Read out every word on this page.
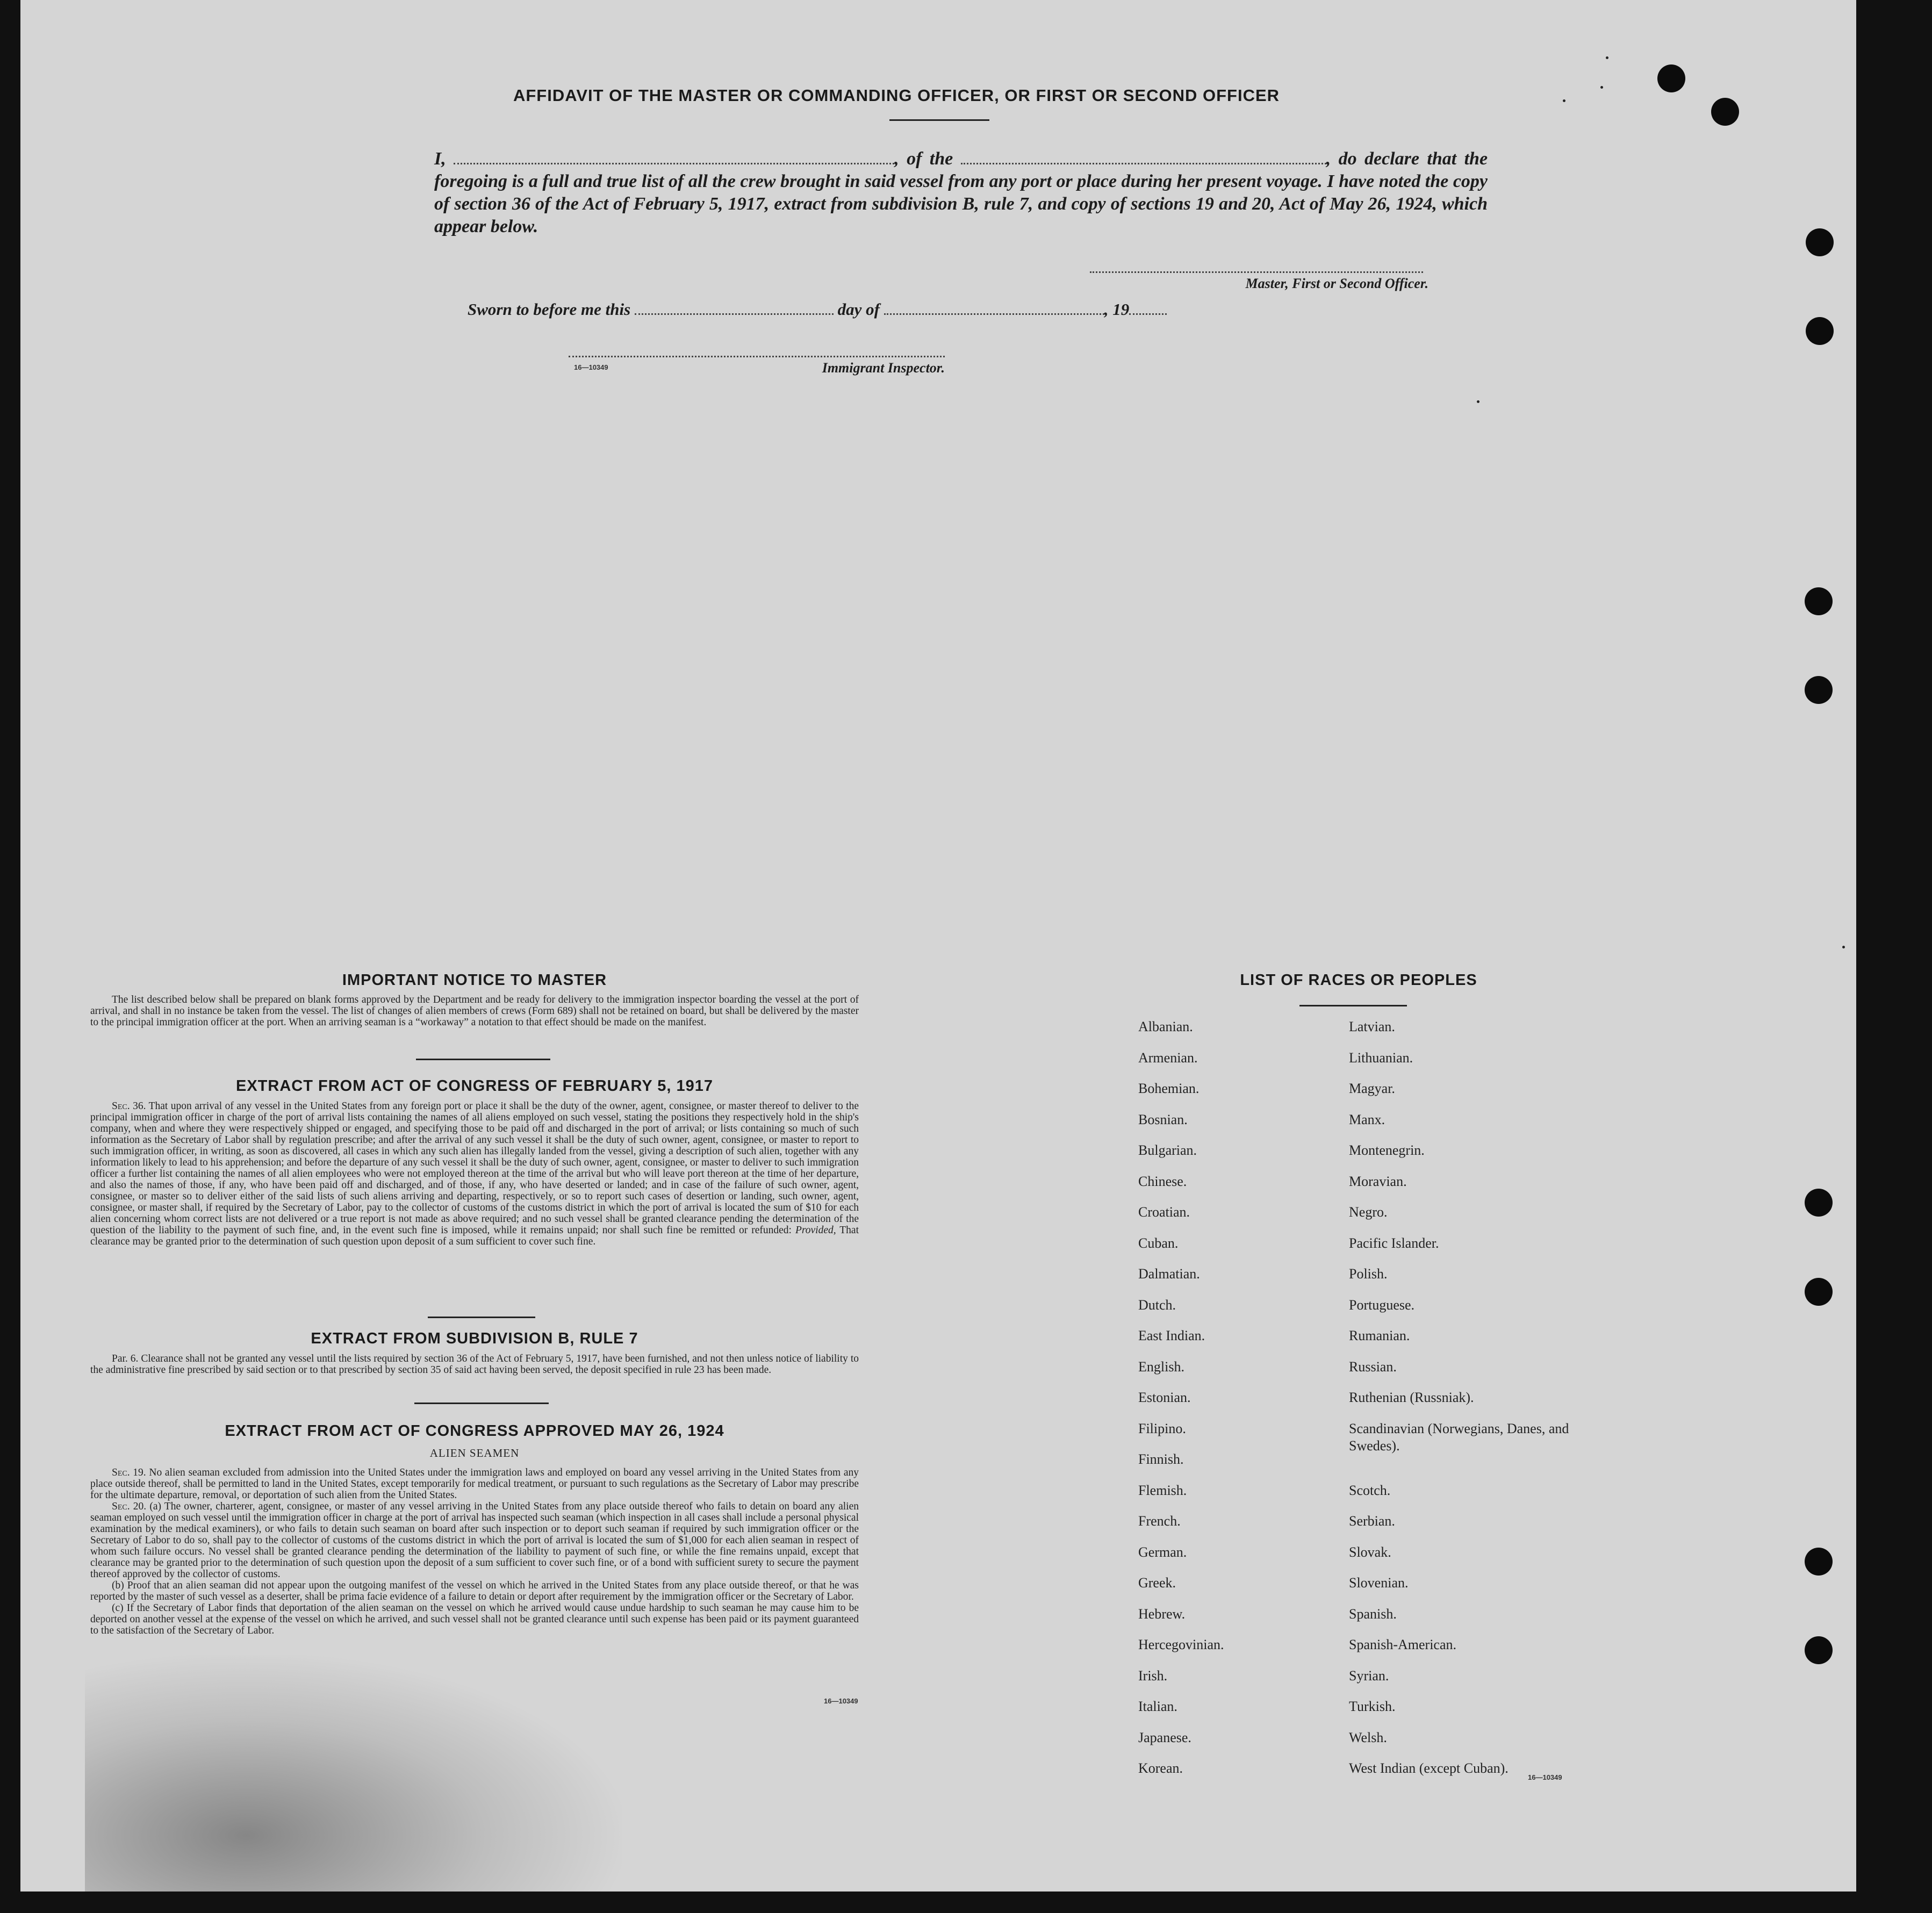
AFFIDAVIT OF THE MASTER OR COMMANDING OFFICER, OR FIRST OR SECOND OFFICER
I,	, of the	, do declare that the foregoing is a full and true list of all the crew brought in said vessel from any port or place during her present voyage. I have noted the copy of section 36 of the Act of February 5, 1917, extract from subdivision B, rule 7, and copy of sections 19 and 20, Act of May 26, 1924, which appear below.
Master, First or Second Officer.
Sworn to before me this	day of	, 19
16—10349	Immigrant Inspector.
IMPORTANT NOTICE TO MASTER

The list described below shall be prepared on blank forms approved by the Department and be ready for delivery to the immigration inspector boarding the vessel at the port of arrival, and shall in no instance be taken from the vessel. The list of changes of alien members of crews (Form 689) shall not be retained on board, but shall be delivered by the master to the principal immigration officer at the port. When an arriving seaman is a “workaway” a notation to that effect should be made on the manifest.

EXTRACT FROM ACT OF CONGRESS OF FEBRUARY 5, 1917

Sec. 36. That upon arrival of any vessel in the United States from any foreign port or place it shall be the duty of the owner, agent, consignee, or master thereof to deliver to the principal immigration officer in charge of the port of arrival lists containing the names of all aliens employed on such vessel, stating the positions they respectively hold in the ship's company, when and where they were respectively shipped or engaged, and specifying those to be paid off and discharged in the port of arrival; or lists containing so much of such information as the Secretary of Labor shall by regulation prescribe; and after the arrival of any such vessel it shall be the duty of such owner, agent, consignee, or master to report to such immigration officer, in writing, as soon as discovered, all cases in which any such alien has illegally landed from the vessel, giving a description of such alien, together with any information likely to lead to his apprehension; and before the departure of any such vessel it shall be the duty of such owner, agent, consignee, or master to deliver to such immigration officer a further list containing the names of all alien employees who were not employed thereon at the time of the arrival but who will leave port thereon at the time of her departure, and also the names of those, if any, who have been paid off and discharged, and of those, if any, who have deserted or landed; and in case of the failure of such owner, agent, consignee, or master so to deliver either of the said lists of such aliens arriving and departing, respectively, or so to report such cases of desertion or landing, such owner, agent, consignee, or master shall, if required by the Secretary of Labor, pay to the collector of customs of the customs district in which the port of arrival is located the sum of $10 for each alien concerning whom correct lists are not delivered or a true report is not made as above required; and no such vessel shall be granted clearance pending the determination of the question of the liability to the payment of such fine, and, in the event such fine is imposed, while it remains unpaid; nor shall such fine be remitted or refunded: Provided, That clearance may be granted prior to the determination of such question upon deposit of a sum sufficient to cover such fine.

EXTRACT FROM SUBDIVISION B, RULE 7

Par. 6. Clearance shall not be granted any vessel until the lists required by section 36 of the Act of February 5, 1917, have been furnished, and not then unless notice of liability to the administrative fine prescribed by said section or to that prescribed by section 35 of said act having been served, the deposit specified in rule 23 has been made.

EXTRACT FROM ACT OF CONGRESS APPROVED MAY 26, 1924
ALIEN SEAMEN

Sec. 19. No alien seaman excluded from admission into the United States under the immigration laws and employed on board any vessel arriving in the United States from any place outside thereof, shall be permitted to land in the United States, except temporarily for medical treatment, or pursuant to such regulations as the Secretary of Labor may prescribe for the ultimate departure, removal, or deportation of such alien from the United States.

Sec. 20. (a) The owner, charterer, agent, consignee, or master of any vessel arriving in the United States from any place outside thereof who fails to detain on board any alien seaman employed on such vessel until the immigration officer in charge at the port of arrival has inspected such seaman (which inspection in all cases shall include a personal physical examination by the medical examiners), or who fails to detain such seaman on board after such inspection or to deport such seaman if required by such immigration officer or the Secretary of Labor to do so, shall pay to the collector of customs of the customs district in which the port of arrival is located the sum of $1,000 for each alien seaman in respect of whom such failure occurs. No vessel shall be granted clearance pending the determination of the liability to payment of such fine, or while the fine remains unpaid, except that clearance may be granted prior to the determination of such question upon the deposit of a sum sufficient to cover such fine, or of a bond with sufficient surety to secure the payment thereof approved by the collector of customs.

(b) Proof that an alien seaman did not appear upon the outgoing manifest of the vessel on which he arrived in the United States from any place outside thereof, or that he was reported by the master of such vessel as a deserter, shall be prima facie evidence of a failure to detain or deport after requirement by the immigration officer or the Secretary of Labor.

(c) If the Secretary of Labor finds that deportation of the alien seaman on the vessel on which he arrived would cause undue hardship to such seaman he may cause him to be deported on another vessel at the expense of the vessel on which he arrived, and such vessel shall not be granted clearance until such expense has been paid or its payment guaranteed to the satisfaction of the Secretary of Labor.

16—10349
LIST OF RACES OR PEOPLES
Albanian.
Armenian.
Bohemian.
Bosnian.
Bulgarian.
Chinese.
Croatian.
Cuban.
Dalmatian.
Dutch.
East Indian.
English.
Estonian.
Filipino.
Finnish.
Flemish.
French.
German.
Greek.
Hebrew.
Hercegovinian.
Irish.
Italian.
Japanese.
Korean.
Latvian.
Lithuanian.
Magyar.
Manx.
Montenegrin.
Moravian.
Negro.
Pacific Islander.
Polish.
Portuguese.
Rumanian.
Russian.
Ruthenian (Russniak).
Scandinavian (Norwegians, Danes, and Swedes).
Scotch.
Serbian.
Slovak.
Slovenian.
Spanish.
Spanish-American.
Syrian.
Turkish.
Welsh.
West Indian (except Cuban).
16—10349
